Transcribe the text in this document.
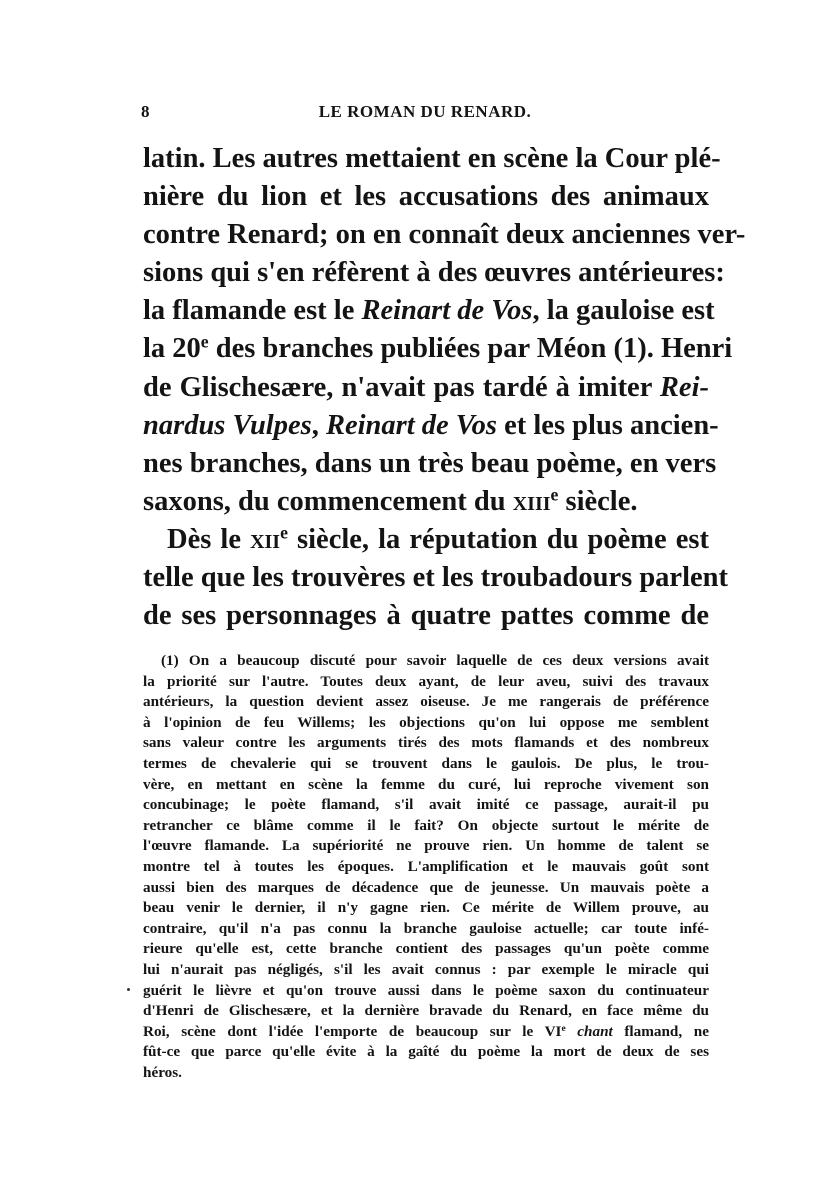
8	LE ROMAN DU RENARD.
latin. Les autres mettaient en scène la Cour plé-
nière du lion et les accusations des animaux
contre Renard; on en connaît deux anciennes ver-
sions qui s'en réfèrent à des œuvres antérieures:
la flamande est le Reinart de Vos, la gauloise est
la 20e des branches publiées par Méon (1). Henri
de Glischesære, n'avait pas tardé à imiter Rei-
nardus Vulpes, Reinart de Vos et les plus ancien-
nes branches, dans un très beau poème, en vers
saxons, du commencement du xiii$^e$ siècle.
Dès le xii$^e$ siècle, la réputation du poème est
telle que les trouvères et les troubadours parlent
de ses personnages à quatre pattes comme de
(1) On a beaucoup discuté pour savoir laquelle de ces deux versions avait
la priorité sur l'autre. Toutes deux ayant, de leur aveu, suivi des travaux
antérieurs, la question devient assez oiseuse. Je me rangerais de préférence
à l'opinion de feu Willems; les objections qu'on lui oppose me semblent
sans valeur contre les arguments tirés des mots flamands et des nombreux
termes de chevalerie qui se trouvent dans le gaulois. De plus, le trou-
vère, en mettant en scène la femme du curé, lui reproche vivement son
concubinage; le poète flamand, s'il avait imité ce passage, aurait-il pu
retrancher ce blâme comme il le fait? On objecte surtout le mérite de
l'œuvre flamande. La supériorité ne prouve rien. Un homme de talent se
montre tel à toutes les époques. L'amplification et le mauvais goût sont
aussi bien des marques de décadence que de jeunesse. Un mauvais poète a
beau venir le dernier, il n'y gagne rien. Ce mérite de Willem prouve, au
contraire, qu'il n'a pas connu la branche gauloise actuelle; car toute infé-
rieure qu'elle est, cette branche contient des passages qu'un poète comme
lui n'aurait pas négligés, s'il les avait connus : par exemple le miracle qui
guérit le lièvre et qu'on trouve aussi dans le poème saxon du continuateur
d'Henri de Glischesære, et la dernière bravade du Renard, en face même du
Roi, scène dont l'idée l'emporte de beaucoup sur le VIe chant flamand, ne
fût-ce que parce qu'elle évite à la gaîté du poème la mort de deux de ses
héros.
